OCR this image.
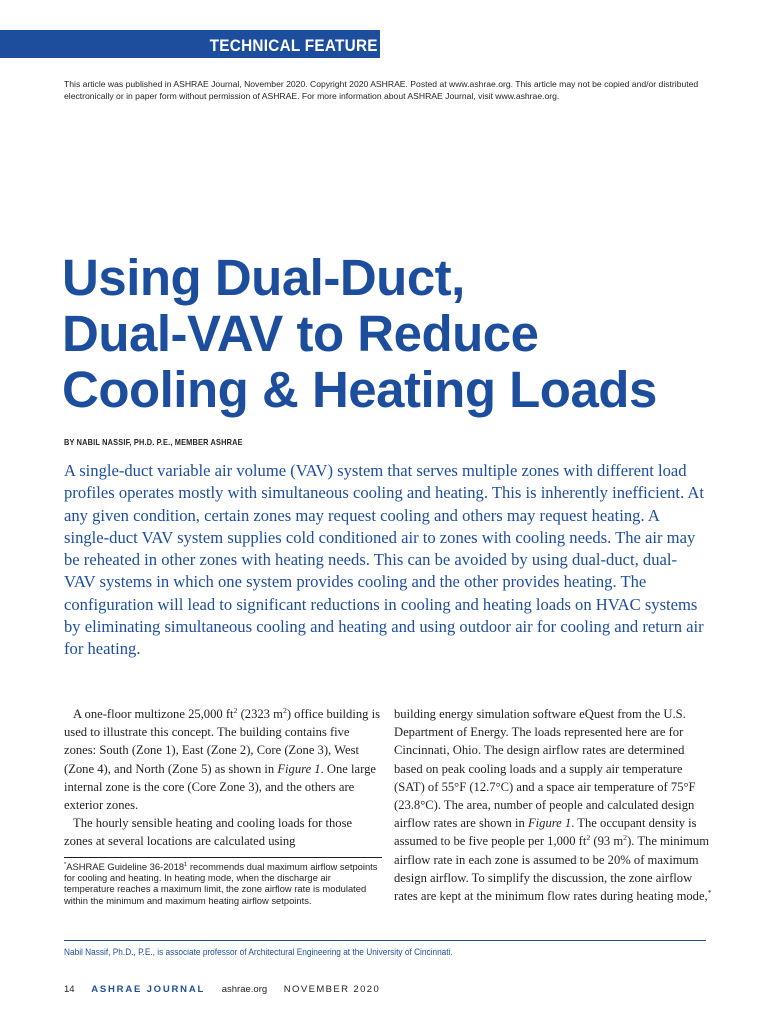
TECHNICAL FEATURE
This article was published in ASHRAE Journal, November 2020. Copyright 2020 ASHRAE. Posted at www.ashrae.org. This article may not be copied and/or distributed electronically or in paper form without permission of ASHRAE. For more information about ASHRAE Journal, visit www.ashrae.org.
Using Dual-Duct,
Dual-VAV to Reduce
Cooling & Heating Loads
BY NABIL NASSIF, PH.D. P.E., MEMBER ASHRAE

A single-duct variable air volume (VAV) system that serves multiple zones with different load profiles operates mostly with simultaneous cooling and heating. This is inherently inefficient. At any given condition, certain zones may request cooling and others may request heating. A single-duct VAV system supplies cold conditioned air to zones with cooling needs. The air may be reheated in other zones with heating needs. This can be avoided by using dual-duct, dual-VAV systems in which one system provides cooling and the other provides heating. The configuration will lead to significant reductions in cooling and heating loads on HVAC systems by eliminating simultaneous cooling and heating and using outdoor air for cooling and return air for heating.

A one-floor multizone 25,000 $ft^2$ (2323 $m^2$) office building is used to illustrate this concept. The building contains five zones: South (Zone 1), East (Zone 2), Core (Zone 3), West (Zone 4), and North (Zone 5) as shown in Figure 1. One large internal zone is the core (Core Zone 3), and the others are exterior zones.

The hourly sensible heating and cooling loads for those zones at several locations are calculated using

*ASHRAE Guideline 36-2018$^1$ recommends dual maximum airflow setpoints for cooling and heating. In heating mode, when the discharge air temperature reaches a maximum limit, the zone airflow rate is modulated within the minimum and maximum heating airflow setpoints.

building energy simulation software eQuest from the U.S. Department of Energy. The loads represented here are for Cincinnati, Ohio. The design airflow rates are determined based on peak cooling loads and a supply air temperature (SAT) of 55°F (12.7°C) and a space air temperature of 75°F (23.8°C). The area, number of people and calculated design airflow rates are shown in Figure 1. The occupant density is assumed to be five people per 1,000 $ft^2$ (93 $m^2$). The minimum airflow rate in each zone is assumed to be 20% of maximum design airflow. To simplify the discussion, the zone airflow rates are kept at the minimum flow rates during heating mode,*

Nabil Nassif, Ph.D., P.E., is associate professor of Architectural Engineering at the University of Cincinnati.
14 ASHRAE JOURNAL ashrae.org NOVEMBER 2020
